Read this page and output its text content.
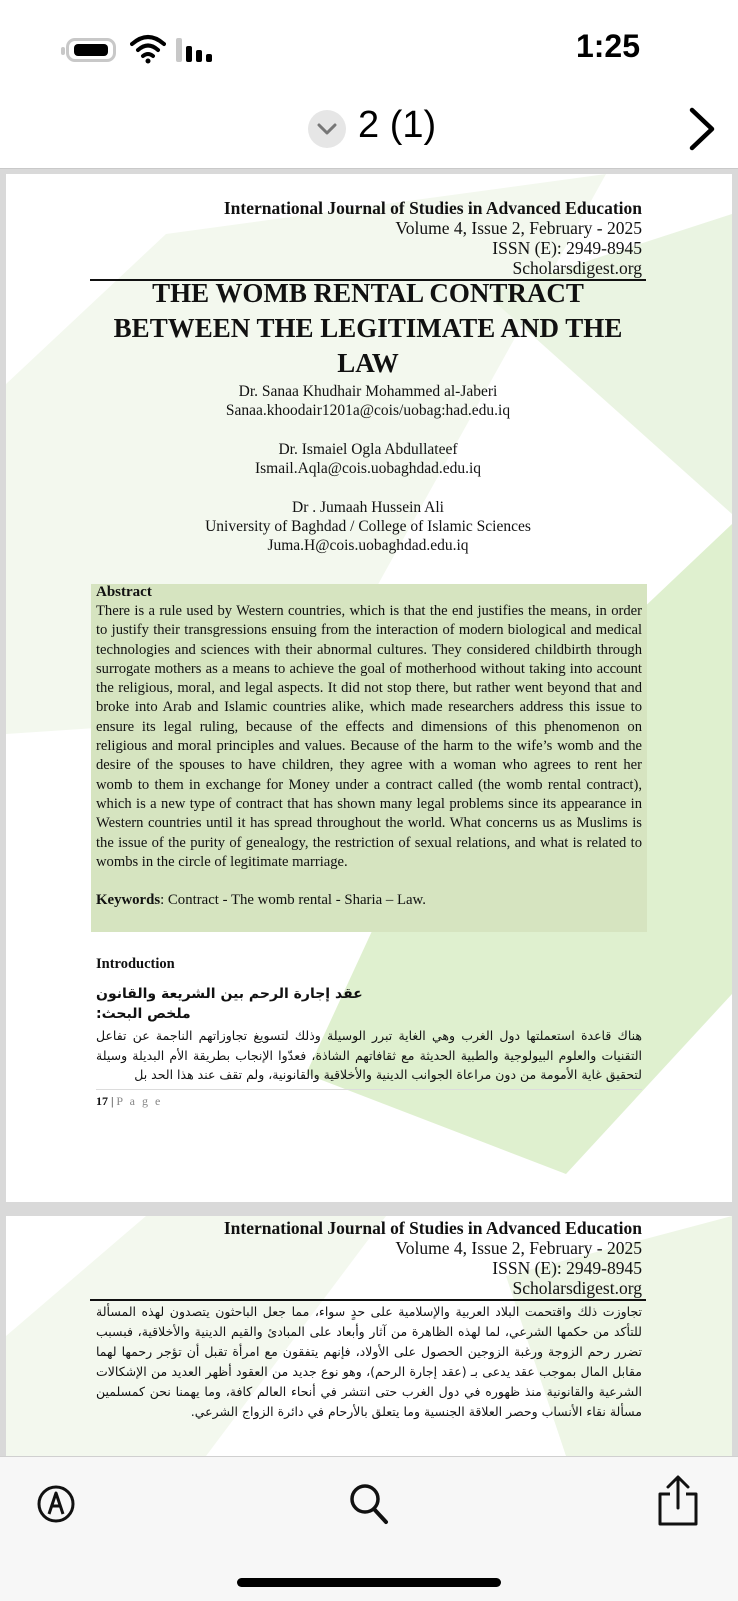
1:25
2 (1)
International Journal of Studies in Advanced Education
Volume 4, Issue 2, February - 2025
ISSN (E): 2949-8945
Scholarsdigest.org
THE WOMB RENTAL CONTRACT
BETWEEN THE LEGITIMATE AND THE
LAW
Dr. Sanaa Khudhair Mohammed al-Jaberi
Sanaa.khoodair1201a@cois/uobag:had.edu.iq
Dr. Ismaiel Ogla Abdullateef
Ismail.Aqla@cois.uobaghdad.edu.iq
Dr . Jumaah Hussein Ali
University of Baghdad / College of Islamic Sciences
Juma.H@cois.uobaghdad.edu.iq
Abstract
There is a rule used by Western countries, which is that the end justifies the means, in order to justify their transgressions ensuing from the interaction of modern biological and medical technologies and sciences with their abnormal cultures. They considered childbirth through surrogate mothers as a means to achieve the goal of motherhood without taking into account the religious, moral, and legal aspects. It did not stop there, but rather went beyond that and broke into Arab and Islamic countries alike, which made researchers address this issue to ensure its legal ruling, because of the effects and dimensions of this phenomenon on religious and moral principles and values. Because of the harm to the wife’s womb and the desire of the spouses to have children, they agree with a woman who agrees to rent her womb to them in exchange for Money under a contract called (the womb rental contract), which is a new type of contract that has shown many legal problems since its appearance in Western countries until it has spread throughout the world. What concerns us as Muslims is the issue of the purity of genealogy, the restriction of sexual relations, and what is related to wombs in the circle of legitimate marriage.
Keywords: Contract - The womb rental - Sharia – Law.
Introduction
عقد إجارة الرحم بين الشريعة والقانون
ملخص البحث:
هناك قاعدة استعملتها دول الغرب وهي الغاية تبرر الوسيلة وذلك لتسويغ تجاوزاتهم الناجمة عن تفاعل التقنيات والعلوم البيولوجية والطبية الحديثة مع ثقافاتهم الشاذة، فعدّوا الإنجاب بطريقة الأم البديلة وسيلة لتحقيق غاية الأمومة من دون مراعاة الجوانب الدينية والأخلاقية والقانونية، ولم تقف عند هذا الحد بل
17 | P a g e
International Journal of Studies in Advanced Education
Volume 4, Issue 2, February - 2025
ISSN (E): 2949-8945
Scholarsdigest.org
تجاوزت ذلك واقتحمت البلاد العربية والإسلامية على حدٍ سواء، مما جعل الباحثون يتصدون لهذه المسألة للتأكد من حكمها الشرعي، لما لهذه الظاهرة من آثار وأبعاد على المبادئ والقيم الدينية والأخلاقية، فبسبب تضرر رحم الزوجة ورغبة الزوجين الحصول على الأولاد، فإنهم يتفقون مع امرأة تقبل أن تؤجر رحمها لهما مقابل المال بموجب عقد يدعى بـ (عقد إجارة الرحم)، وهو نوع جديد من العقود أظهر العديد من الإشكالات الشرعية والقانونية منذ ظهوره في دول الغرب حتى انتشر في أنحاء العالم كافة، وما يهمنا نحن كمسلمين مسألة نقاء الأنساب وحصر العلاقة الجنسية وما يتعلق بالأرحام في دائرة الزواج الشرعي.
